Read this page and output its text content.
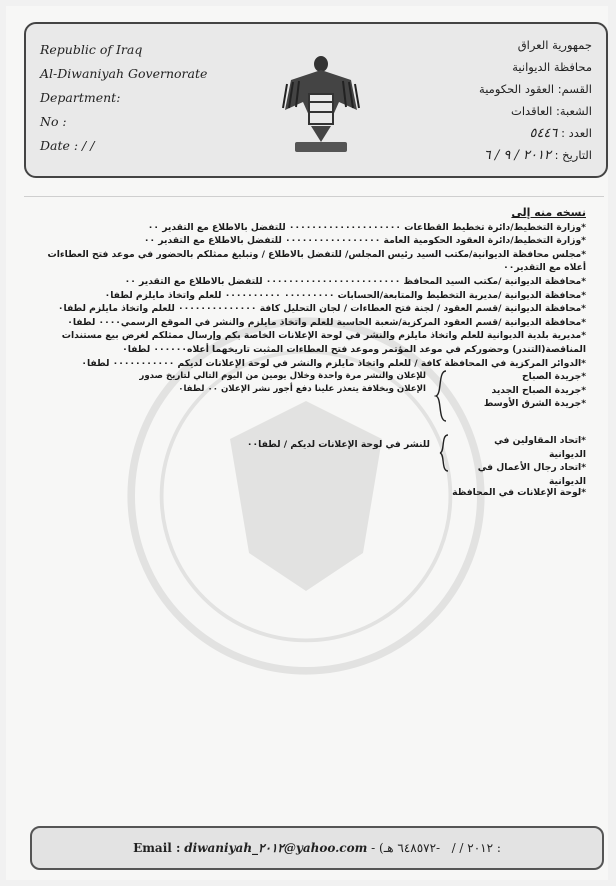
Republic of Iraq
Al-Diwaniyah Governorate
Department:
No :
Date : / /
جمهورية العراق
محافظة الديوانية
القسم: العقود الحكومية
الشعبة: العاقدات
العدد : ٥٤٤٦
التاريخ : ٢٠١٢ / ٩ / ٦
نسخه منه إلى
*وزارة التخطيط/دائرة تخطيط القطاعات ٠٠٠٠٠٠٠٠٠٠٠٠٠٠٠٠٠٠٠٠ للتفضل بالاطلاع مع التقدير ٠٠
*وزارة التخطيط/دائرة العقود الحكومية العامة ٠٠٠٠٠٠٠٠٠٠٠٠٠٠٠٠٠ للتفضل بالاطلاع مع التقدير ٠٠
*مجلس محافظة الديوانية/مكتب السيد رئيس المجلس/ للتفضل بالاطلاع / وتبليغ ممثلكم بالحضور في موعد فتح العطاءات أعلاه مع التقدير٠٠
*محافظة الديوانية /مكتب السيد المحافظ ٠٠٠٠٠٠٠٠٠٠٠٠٠٠٠٠٠٠٠٠٠٠٠٠ للتفضل بالاطلاع مع التقدير ٠٠
*محافظة الديوانية /مديرية التخطيط والمتابعة/الحسابات ٠٠٠٠٠٠٠٠٠ ٠٠٠٠٠٠٠٠٠٠ للعلم واتخاذ مايلزم لطفا٠
*محافظة الديوانية /قسم العقود / لجنة فتح العطاءات / لجان التحليل كافة ٠٠٠٠٠٠٠٠٠٠٠٠٠٠ للعلم واتخاذ مايلزم لطفا٠
*محافظة الديوانية /قسم العقود المركزية/شعبة الحاسبة للعلم واتخاذ مايلزم والنشر في الموقع الرسمي٠٠٠٠ لطفا٠
*مديرية بلدية الديوانية للعلم واتخاذ مايلزم والنشر في لوحة الإعلانات الخاصة بكم وإرسال ممثلكم لغرض بيع مستندات المناقصة(التندر) وحضوركم في موعد المؤتمر وموعد فتح العطاءات المثبت تاريخهما أعلاه٠٠٠٠٠٠ لطفا٠
*الدوائر المركزية في المحافظة كافة / للعلم واتخاذ مايلزم والنشر في لوحة الإعلانات لديكم ٠٠٠٠٠٠٠٠٠٠٠ لطفا٠
*جريدة الصباح
*جريدة الصباح الجديد
*جريدة الشرق الأوسط
للإعلان والنشر مرة واحدة وخلال يومين من اليوم التالي لتاريخ صدور الإعلان وبخلافة يتعذر علينا دفع أجور نشر الإعلان ٠٠ لطفا٠
*اتحاد المقاولين في الديوانية
*اتحاد رجال الأعمال في الديوانية
للنشر في لوحة الإعلانات لديكم / لطفا٠٠
*لوحة الإعلانات في المحافظة
Email : diwaniyah_٢٠١٢@yahoo.com - (٢٠١٢ / /   -٦٤٨٥٧٢ هـ :
